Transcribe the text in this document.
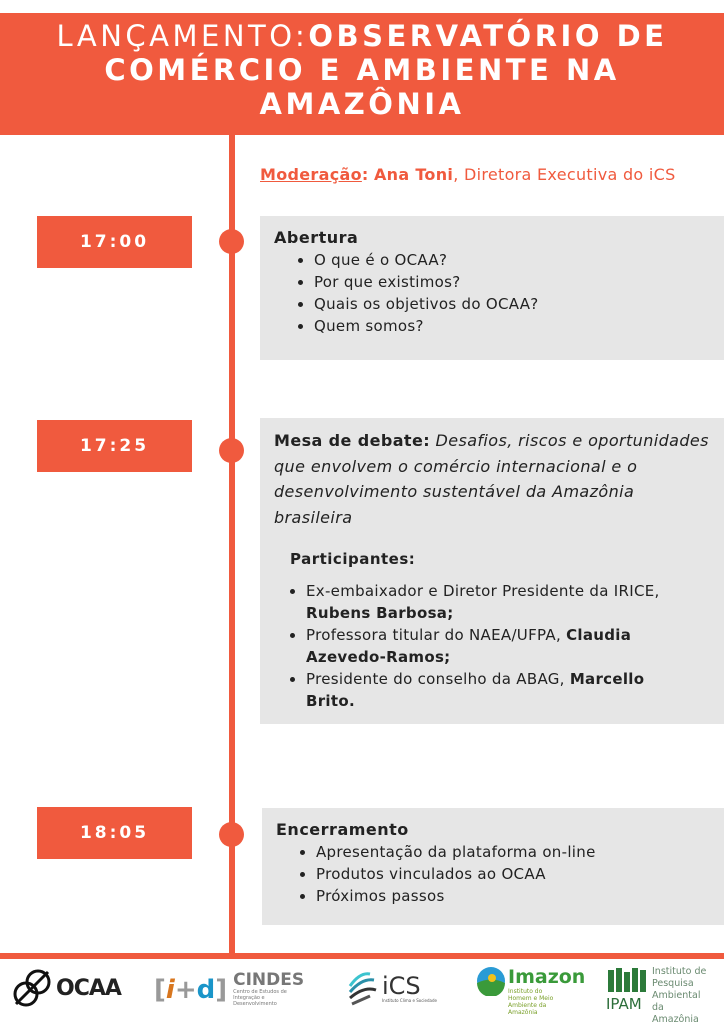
LANÇAMENTO:OBSERVATÓRIO DE COMÉRCIO E AMBIENTE NA AMAZÔNIA
Moderação: Ana Toni, Diretora Executiva do iCS
17:00	Abertura
• O que é o OCAA?
• Por que existimos?
• Quais os objetivos do OCAA?
• Quem somos?
17:25	Mesa de debate: Desafios, riscos e oportunidades que envolvem o comércio internacional e o desenvolvimento sustentável da Amazônia brasileira
Participantes:
• Ex-embaixador e Diretor Presidente da IRICE, Rubens Barbosa;
• Professora titular do NAEA/UFPA, Claudia Azevedo-Ramos;
• Presidente do conselho da ABAG, Marcello Brito.
18:05	Encerramento
• Apresentação da plataforma on-line
• Produtos vinculados ao OCAA
• Próximos passos
OCAA [i+d] CINDES
Centro de Estudos de Integração e Desenvolvimento
iCS
Instituto Clima e Sociedade
Imazon
Instituto do Homem e Meio Ambiente da Amazônia	IPAM
Instituto de Pesquisa Ambiental da Amazônia
